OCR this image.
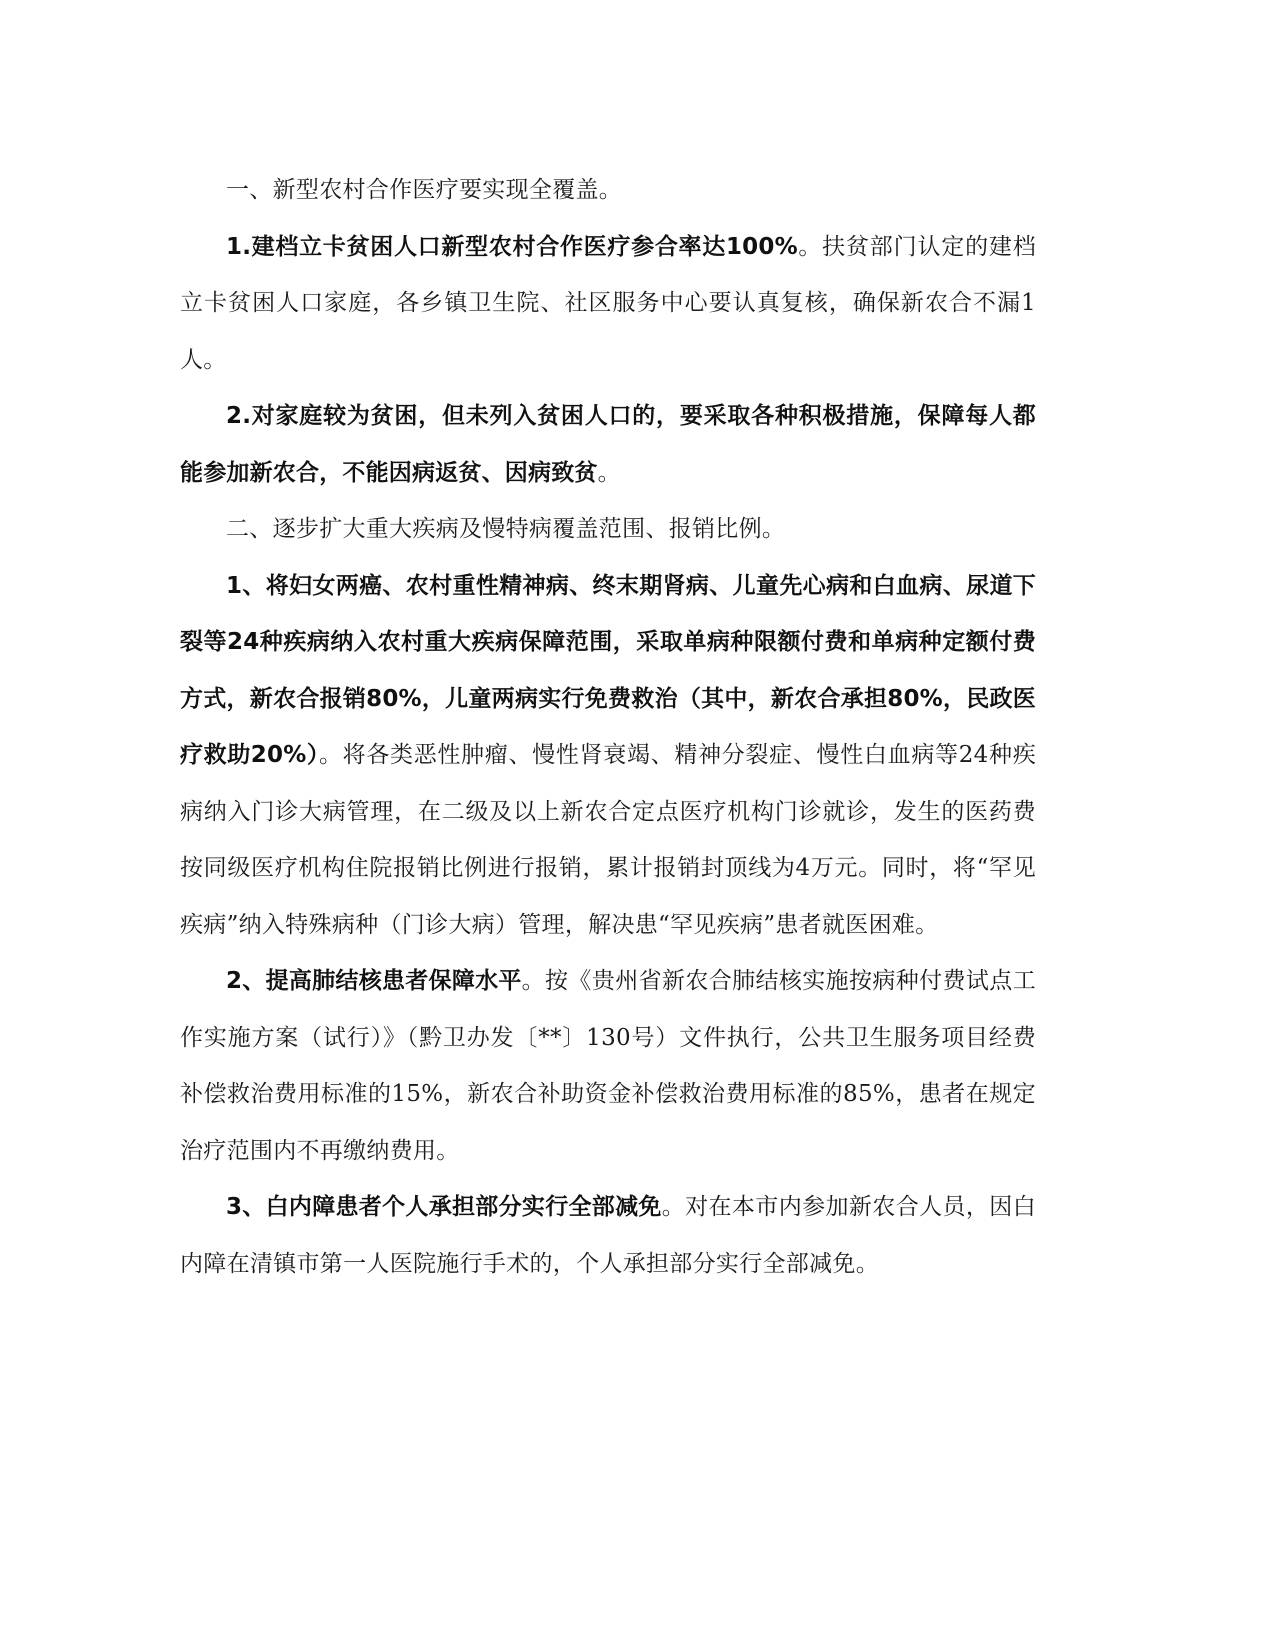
一、新型农村合作医疗要实现全覆盖。

1.建档立卡贫困人口新型农村合作医疗参合率达100%。扶贫部门认定的建档立卡贫困人口家庭，各乡镇卫生院、社区服务中心要认真复核，确保新农合不漏1人。

2.对家庭较为贫困，但未列入贫困人口的，要采取各种积极措施，保障每人都能参加新农合，不能因病返贫、因病致贫。

二、逐步扩大重大疾病及慢特病覆盖范围、报销比例。

1、将妇女两癌、农村重性精神病、终末期肾病、儿童先心病和白血病、尿道下裂等24种疾病纳入农村重大疾病保障范围，采取单病种限额付费和单病种定额付费方式，新农合报销80%，儿童两病实行免费救治（其中，新农合承担80%，民政医疗救助20%）。将各类恶性肿瘤、慢性肾衰竭、精神分裂症、慢性白血病等24种疾病纳入门诊大病管理，在二级及以上新农合定点医疗机构门诊就诊，发生的医药费按同级医疗机构住院报销比例进行报销，累计报销封顶线为4万元。同时，将“罕见疾病”纳入特殊病种（门诊大病）管理，解决患“罕见疾病”患者就医困难。

2、提高肺结核患者保障水平。按《贵州省新农合肺结核实施按病种付费试点工作实施方案（试行）》（黔卫办发〔**〕130号）文件执行，公共卫生服务项目经费补偿救治费用标准的15%，新农合补助资金补偿救治费用标准的85%，患者在规定治疗范围内不再缴纳费用。

3、白内障患者个人承担部分实行全部减免。对在本市内参加新农合人员，因白内障在清镇市第一人医院施行手术的，个人承担部分实行全部减免。
